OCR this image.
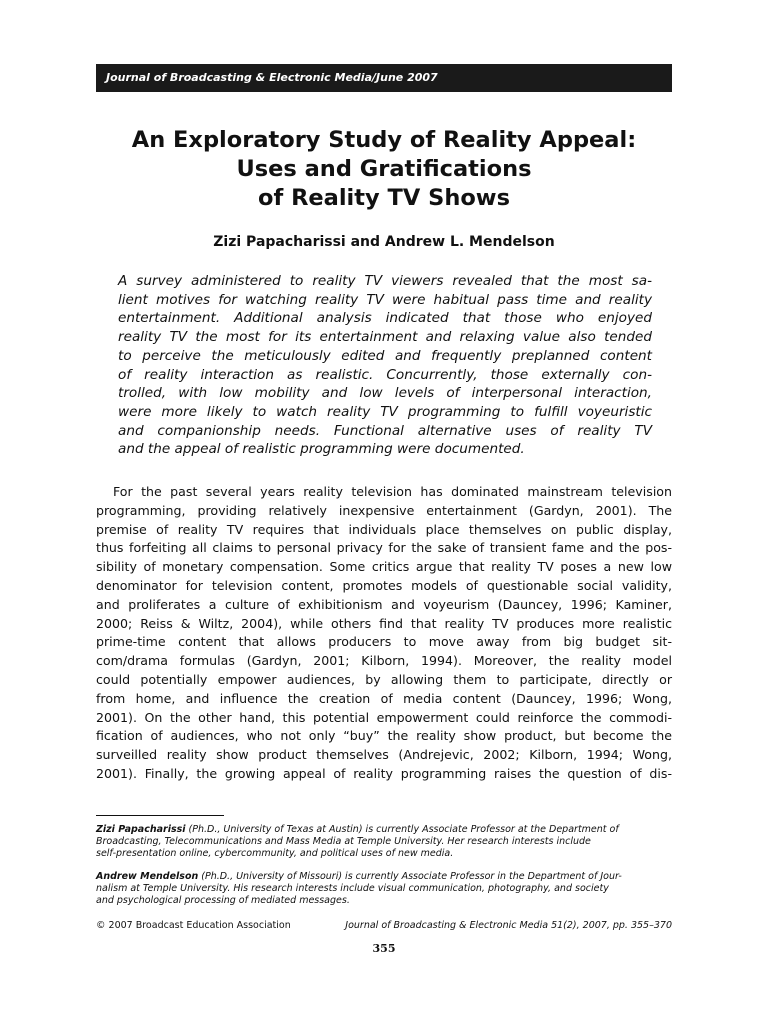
Journal of Broadcasting & Electronic Media/June 2007
An Exploratory Study of Reality Appeal:
Uses and Gratifications
of Reality TV Shows
Zizi Papacharissi and Andrew L. Mendelson
A survey administered to reality TV viewers revealed that the most sa-
lient motives for watching reality TV were habitual pass time and reality
entertainment. Additional analysis indicated that those who enjoyed
reality TV the most for its entertainment and relaxing value also tended
to perceive the meticulously edited and frequently preplanned content
of reality interaction as realistic. Concurrently, those externally con-
trolled, with low mobility and low levels of interpersonal interaction,
were more likely to watch reality TV programming to fulfill voyeuristic
and companionship needs. Functional alternative uses of reality TV
and the appeal of realistic programming were documented.
For the past several years reality television has dominated mainstream television
programming, providing relatively inexpensive entertainment (Gardyn, 2001). The
premise of reality TV requires that individuals place themselves on public display,
thus forfeiting all claims to personal privacy for the sake of transient fame and the pos-
sibility of monetary compensation. Some critics argue that reality TV poses a new low
denominator for television content, promotes models of questionable social validity,
and proliferates a culture of exhibitionism and voyeurism (Dauncey, 1996; Kaminer,
2000; Reiss & Wiltz, 2004), while others find that reality TV produces more realistic
prime-time content that allows producers to move away from big budget sit-
com/drama formulas (Gardyn, 2001; Kilborn, 1994). Moreover, the reality model
could potentially empower audiences, by allowing them to participate, directly or
from home, and influence the creation of media content (Dauncey, 1996; Wong,
2001). On the other hand, this potential empowerment could reinforce the commodi-
fication of audiences, who not only “buy” the reality show product, but become the
surveilled reality show product themselves (Andrejevic, 2002; Kilborn, 1994; Wong,
2001). Finally, the growing appeal of reality programming raises the question of dis-
Zizi Papacharissi (Ph.D., University of Texas at Austin) is currently Associate Professor at the Department of
Broadcasting, Telecommunications and Mass Media at Temple University. Her research interests include
self-presentation online, cybercommunity, and political uses of new media.
Andrew Mendelson (Ph.D., University of Missouri) is currently Associate Professor in the Department of Jour-
nalism at Temple University. His research interests include visual communication, photography, and society
and psychological processing of mediated messages.
© 2007 Broadcast Education Association	Journal of Broadcasting & Electronic Media 51(2), 2007, pp. 355–370
355
